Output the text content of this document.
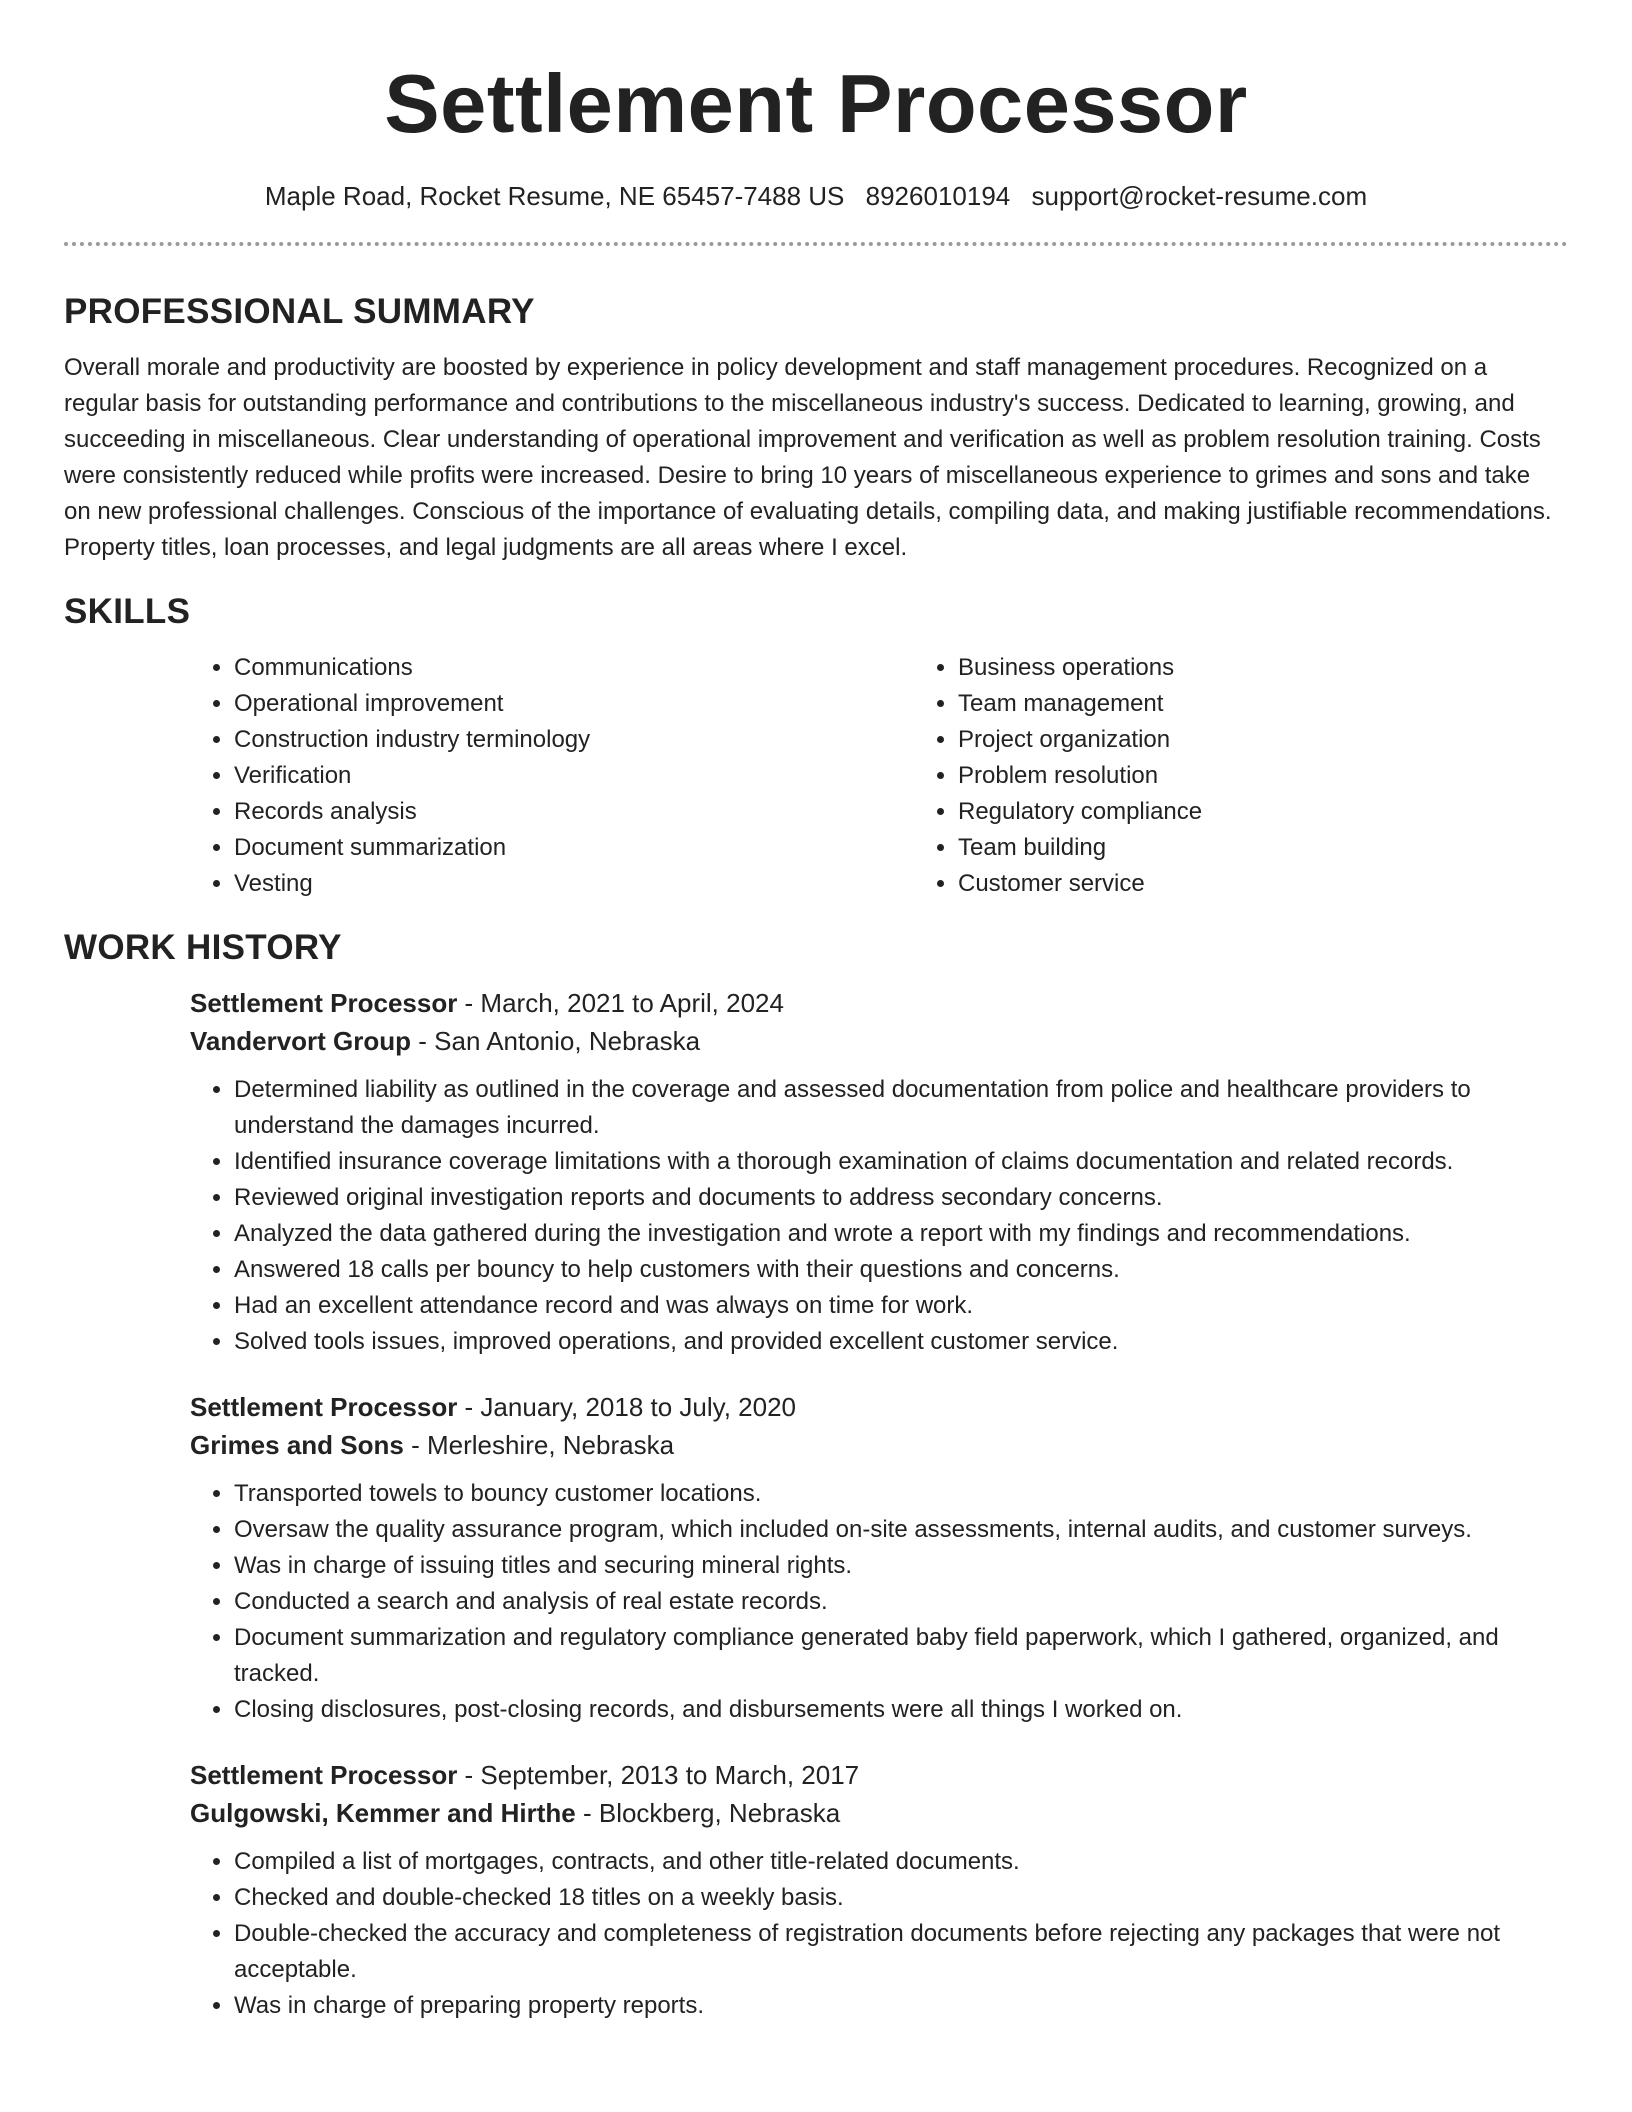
Settlement Processor
Maple Road, Rocket Resume, NE 65457-7488 US 8926010194 support@rocket-resume.com
PROFESSIONAL SUMMARY

Overall morale and productivity are boosted by experience in policy development and staff management procedures. Recognized on a regular basis for outstanding performance and contributions to the miscellaneous industry's success. Dedicated to learning, growing, and succeeding in miscellaneous. Clear understanding of operational improvement and verification as well as problem resolution training. Costs were consistently reduced while profits were increased. Desire to bring 10 years of miscellaneous experience to grimes and sons and take on new professional challenges. Conscious of the importance of evaluating details, compiling data, and making justifiable recommendations. Property titles, loan processes, and legal judgments are all areas where I excel.

SKILLS
• Communications
• Operational improvement
• Construction industry terminology
• Verification
• Records analysis
• Document summarization
• Vesting
• Business operations
• Team management
• Project organization
• Problem resolution
• Regulatory compliance
• Team building
• Customer service
WORK HISTORY
Settlement Processor - March, 2021 to April, 2024
Vandervort Group - San Antonio, Nebraska
• Determined liability as outlined in the coverage and assessed documentation from police and healthcare providers to understand the damages incurred.
• Identified insurance coverage limitations with a thorough examination of claims documentation and related records.
• Reviewed original investigation reports and documents to address secondary concerns.
• Analyzed the data gathered during the investigation and wrote a report with my findings and recommendations.
• Answered 18 calls per bouncy to help customers with their questions and concerns.
• Had an excellent attendance record and was always on time for work.
• Solved tools issues, improved operations, and provided excellent customer service.
Settlement Processor - January, 2018 to July, 2020
Grimes and Sons - Merleshire, Nebraska
• Transported towels to bouncy customer locations.
• Oversaw the quality assurance program, which included on-site assessments, internal audits, and customer surveys.
• Was in charge of issuing titles and securing mineral rights.
• Conducted a search and analysis of real estate records.
• Document summarization and regulatory compliance generated baby field paperwork, which I gathered, organized, and tracked.
• Closing disclosures, post-closing records, and disbursements were all things I worked on.
Settlement Processor - September, 2013 to March, 2017
Gulgowski, Kemmer and Hirthe - Blockberg, Nebraska
• Compiled a list of mortgages, contracts, and other title-related documents.
• Checked and double-checked 18 titles on a weekly basis.
• Double-checked the accuracy and completeness of registration documents before rejecting any packages that were not acceptable.
• Was in charge of preparing property reports.
